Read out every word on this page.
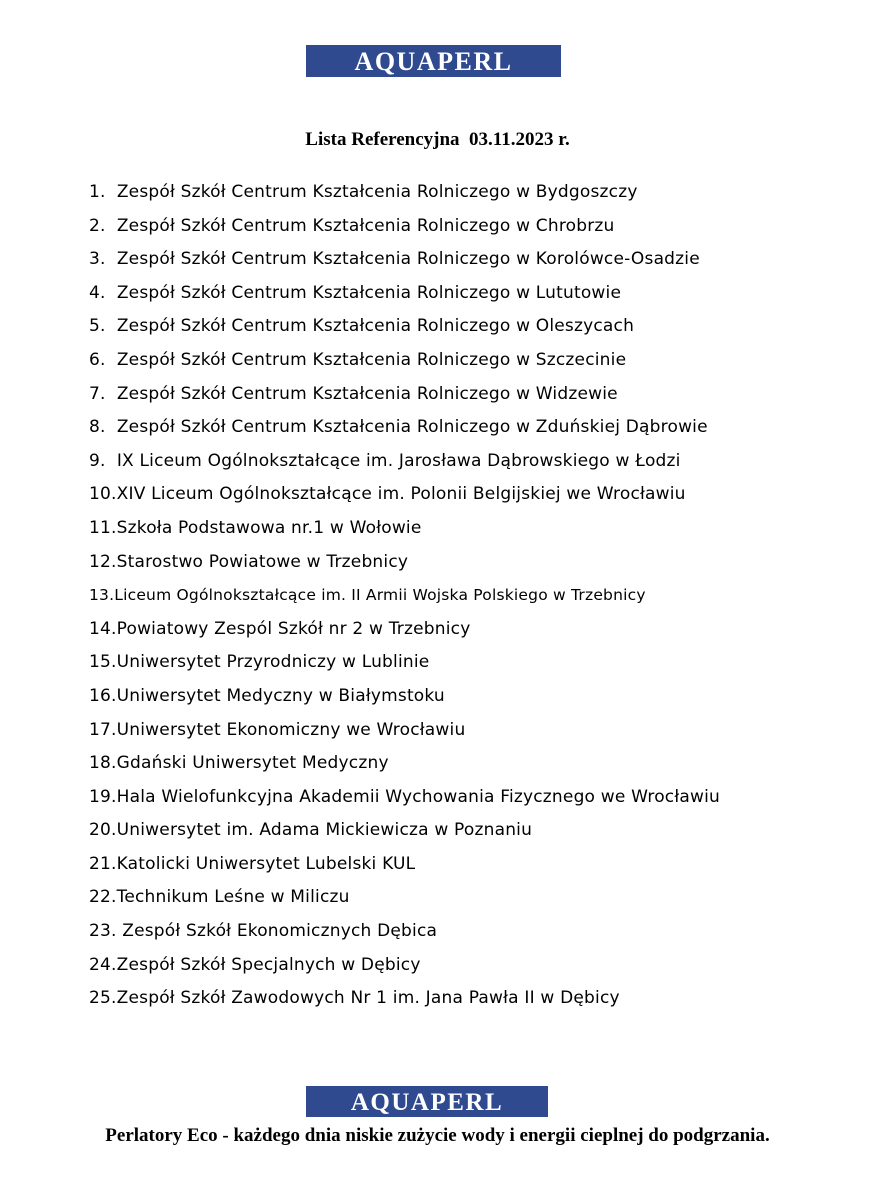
AQUAPERL
Lista Referencyjna  03.11.2023 r.
1.  Zespół Szkół Centrum Kształcenia Rolniczego w Bydgoszczy
2.  Zespół Szkół Centrum Kształcenia Rolniczego w Chrobrzu
3.  Zespół Szkół Centrum Kształcenia Rolniczego w Korolówce-Osadzie
4.  Zespół Szkół Centrum Kształcenia Rolniczego w Lututowie
5.  Zespół Szkół Centrum Kształcenia Rolniczego w Oleszycach
6.  Zespół Szkół Centrum Kształcenia Rolniczego w Szczecinie
7.  Zespół Szkół Centrum Kształcenia Rolniczego w Widzewie
8.  Zespół Szkół Centrum Kształcenia Rolniczego w Zduńskiej Dąbrowie
9.  IX Liceum Ogólnokształcące im. Jarosława Dąbrowskiego w Łodzi
10.XIV Liceum Ogólnokształcące im. Polonii Belgijskiej we Wrocławiu
11.Szkoła Podstawowa nr.1 w Wołowie
12.Starostwo Powiatowe w Trzebnicy
13.Liceum Ogólnokształcące im. II Armii Wojska Polskiego w Trzebnicy
14.Powiatowy Zespól Szkół nr 2 w Trzebnicy
15.Uniwersytet Przyrodniczy w Lublinie
16.Uniwersytet Medyczny w Białymstoku
17.Uniwersytet Ekonomiczny we Wrocławiu
18.Gdański Uniwersytet Medyczny
19.Hala Wielofunkcyjna Akademii Wychowania Fizycznego we Wrocławiu
20.Uniwersytet im. Adama Mickiewicza w Poznaniu
21.Katolicki Uniwersytet Lubelski KUL
22.Technikum Leśne w Miliczu
23. Zespół Szkół Ekonomicznych Dębica
24.Zespół Szkół Specjalnych w Dębicy
25.Zespół Szkół Zawodowych Nr 1 im. Jana Pawła II w Dębicy
AQUAPERL
Perlatory Eco - każdego dnia niskie zużycie wody i energii cieplnej do podgrzania.
